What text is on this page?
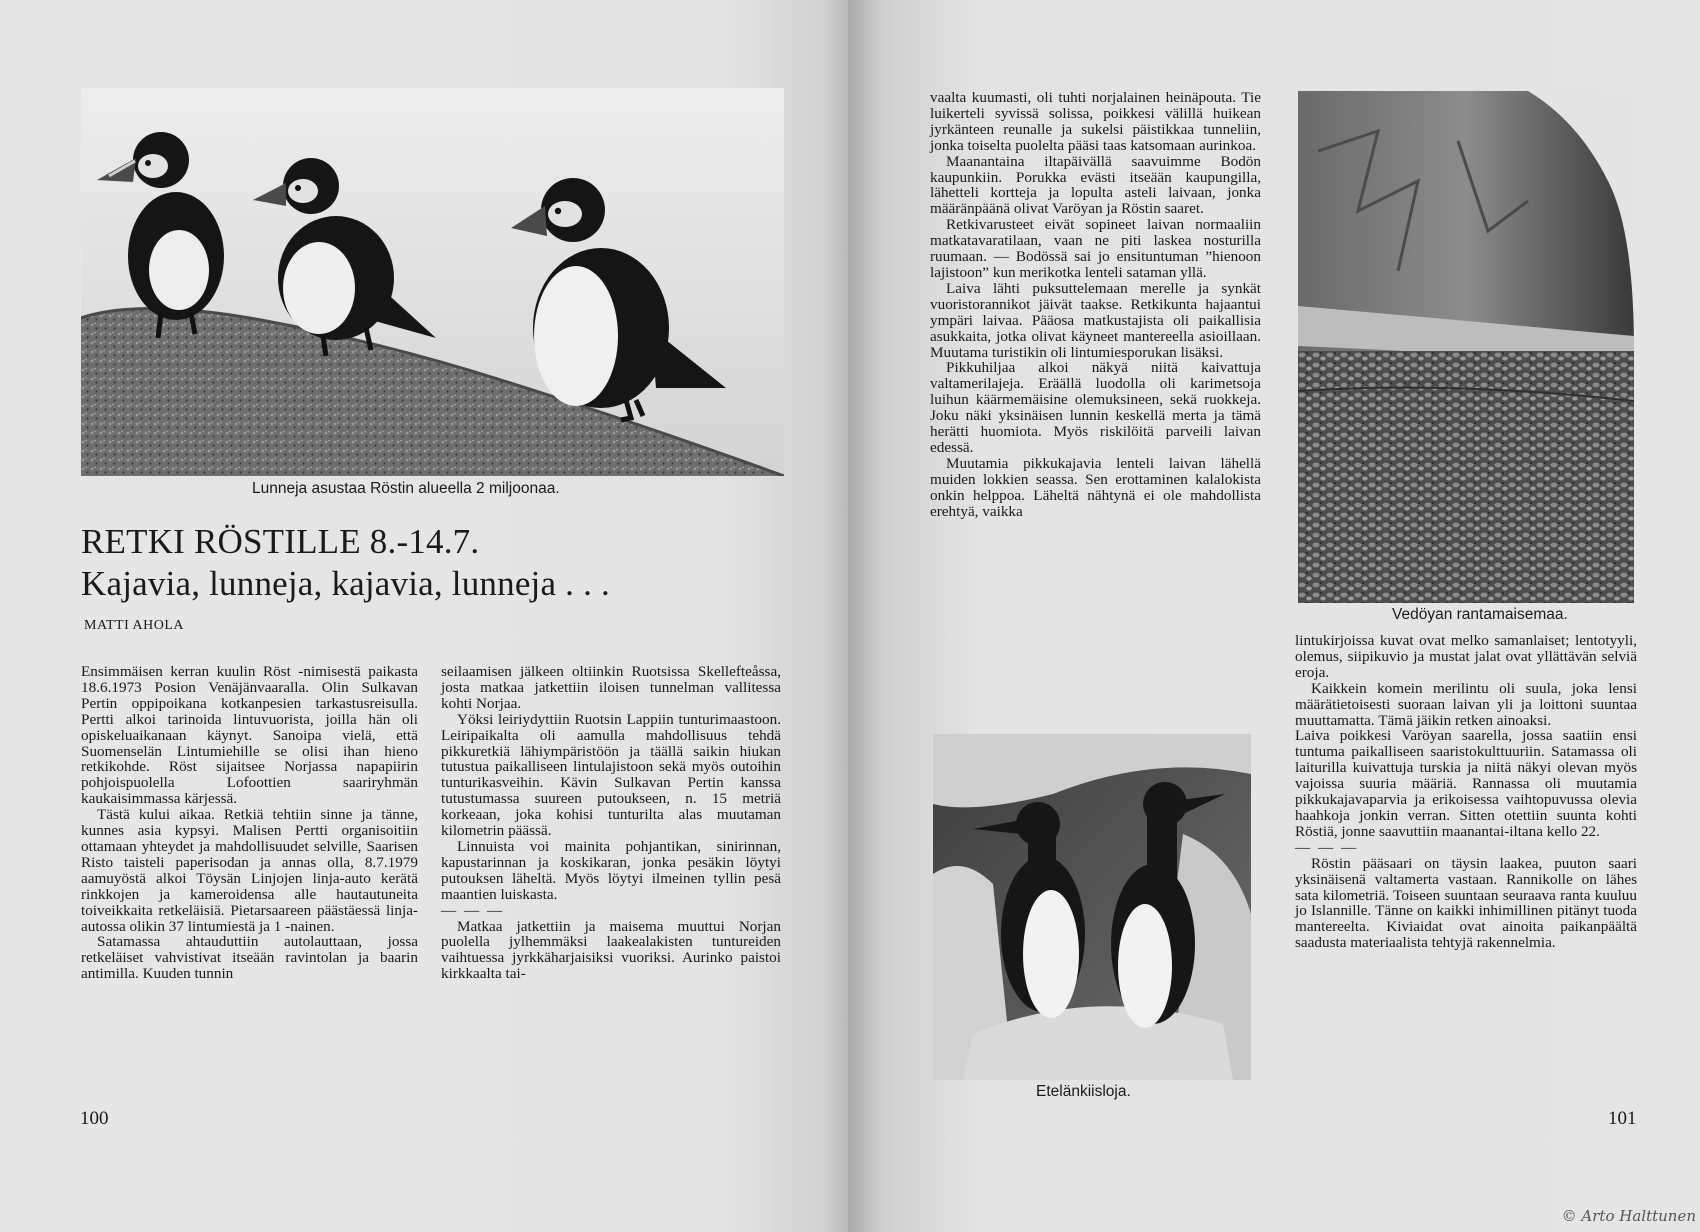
Lunneja asustaa Röstin alueella 2 miljoonaa.
RETKI RÖSTILLE 8.-14.7.
Kajavia, lunneja, kajavia, lunneja . . .
MATTI AHOLA

Ensimmäisen kerran kuulin Röst -nimisestä paikasta 18.6.1973 Posion Venäjänvaaralla. Olin Sulkavan Pertin oppipoikana kotkanpesien tarkastusreisulla. Pertti alkoi tarinoida lintuvuorista, joilla hän oli opiskeluaikanaan käynyt. Sanoipa vielä, että Suomenselän Lintumiehille se olisi ihan hieno retkikohde. Röst sijaitsee Norjassa napapiirin pohjoispuolella Lofoottien saariryhmän kaukaisimmassa kärjessä.

Tästä kului aikaa. Retkiä tehtiin sinne ja tänne, kunnes asia kypsyi. Malisen Pertti organisoitiin ottamaan yhteydet ja mahdollisuudet selville, Saarisen Risto taisteli paperisodan ja annas olla, 8.7.1979 aamuyöstä alkoi Töysän Linjojen linja-auto kerätä rinkkojen ja kameroidensa alle hautautuneita toiveikkaita retkeläisiä. Pietarsaareen päästäessä linja-autossa olikin 37 lintumiestä ja 1 -nainen.

Satamassa ahtauduttiin autolauttaan, jossa retkeläiset vahvistivat itseään ravintolan ja baarin antimilla. Kuuden tunnin

seilaamisen jälkeen oltiinkin Ruotsissa Skellefteåssa, josta matkaa jatkettiin iloisen tunnelman vallitessa kohti Norjaa.

Yöksi leiriydyttiin Ruotsin Lappiin tunturimaastoon. Leiripaikalta oli aamulla mahdollisuus tehdä pikkuretkiä lähiympäristöön ja täällä saikin hiukan tutustua paikalliseen lintulajistoon sekä myös outoihin tunturikasveihin. Kävin Sulkavan Pertin kanssa tutustumassa suureen putoukseen, n. 15 metriä korkeaan, joka kohisi tunturilta alas muutaman kilometrin päässä.

Linnuista voi mainita pohjantikan, sinirinnan, kapustarinnan ja koskikaran, jonka pesäkin löytyi putouksen läheltä. Myös löytyi ilmeinen tyllin pesä maantien luiskasta.

— — —

Matkaa jatkettiin ja maisema muuttui Norjan puolella jylhemmäksi laakealakisten tuntureiden vaihtuessa jyrkkäharjaisiksi vuoriksi. Aurinko paistoi kirkkaalta tai-

100

vaalta kuumasti, oli tuhti norjalainen heinäpouta. Tie luikerteli syvissä solissa, poikkesi välillä huikean jyrkänteen reunalle ja sukelsi päistikkaa tunneliin, jonka toiselta puolelta pääsi taas katsomaan aurinkoa.

Maanantaina iltapäivällä saavuimme Bodön kaupunkiin. Porukka evästi itseään kaupungilla, lähetteli kortteja ja lopulta asteli laivaan, jonka määränpäänä olivat Varöyan ja Röstin saaret.

Retkivarusteet eivät sopineet laivan normaaliin matkatavaratilaan, vaan ne piti laskea nosturilla ruumaan. — Bodössä sai jo ensituntuman ”hienoon lajistoon” kun merikotka lenteli sataman yllä.

Laiva lähti puksuttelemaan merelle ja synkät vuoristorannikot jäivät taakse. Retkikunta hajaantui ympäri laivaa. Pääosa matkustajista oli paikallisia asukkaita, jotka olivat käyneet mantereella asioillaan. Muutama turistikin oli lintumiesporukan lisäksi.

Pikkuhiljaa alkoi näkyä niitä kaivattuja valtamerilajeja. Eräällä luodolla oli karimetsoja luihun käärmemäisine olemuksineen, sekä ruokkeja. Joku näki yksinäisen lunnin keskellä merta ja tämä herätti huomiota. Myös riskilöitä parveili laivan edessä.

Muutamia pikkukajavia lenteli laivan lähellä muiden lokkien seassa. Sen erottaminen kalalokista onkin helppoa. Läheltä nähtynä ei ole mahdollista erehtyä, vaikka

Vedöyan rantamaisemaa.
Etelänkiisloja.

lintukirjoissa kuvat ovat melko samanlaiset; lentotyyli, olemus, siipikuvio ja mustat jalat ovat yllättävän selviä eroja.

Kaikkein komein merilintu oli suula, joka lensi määrätietoisesti suoraan laivan yli ja loittoni suuntaa muuttamatta. Tämä jäikin retken ainoaksi.

Laiva poikkesi Varöyan saarella, jossa saatiin ensi tuntuma paikalliseen saaristokulttuuriin. Satamassa oli laiturilla kuivattuja turskia ja niitä näkyi olevan myös vajoissa suuria määriä. Rannassa oli muutamia pikkukajavaparvia ja erikoisessa vaihtopuvussa olevia haahkoja jonkin verran. Sitten otettiin suunta kohti Röstiä, jonne saavuttiin maanantai-iltana kello 22.

— — —

Röstin pääsaari on täysin laakea, puuton saari yksinäisenä valtamerta vastaan. Rannikolle on lähes sata kilometriä. Toiseen suuntaan seuraava ranta kuuluu jo Islannille. Tänne on kaikki inhimillinen pitänyt tuoda mantereelta. Kiviaidat ovat ainoita paikanpäältä saadusta materiaalista tehtyjä rakennelmia.

101
© Arto Halttunen
